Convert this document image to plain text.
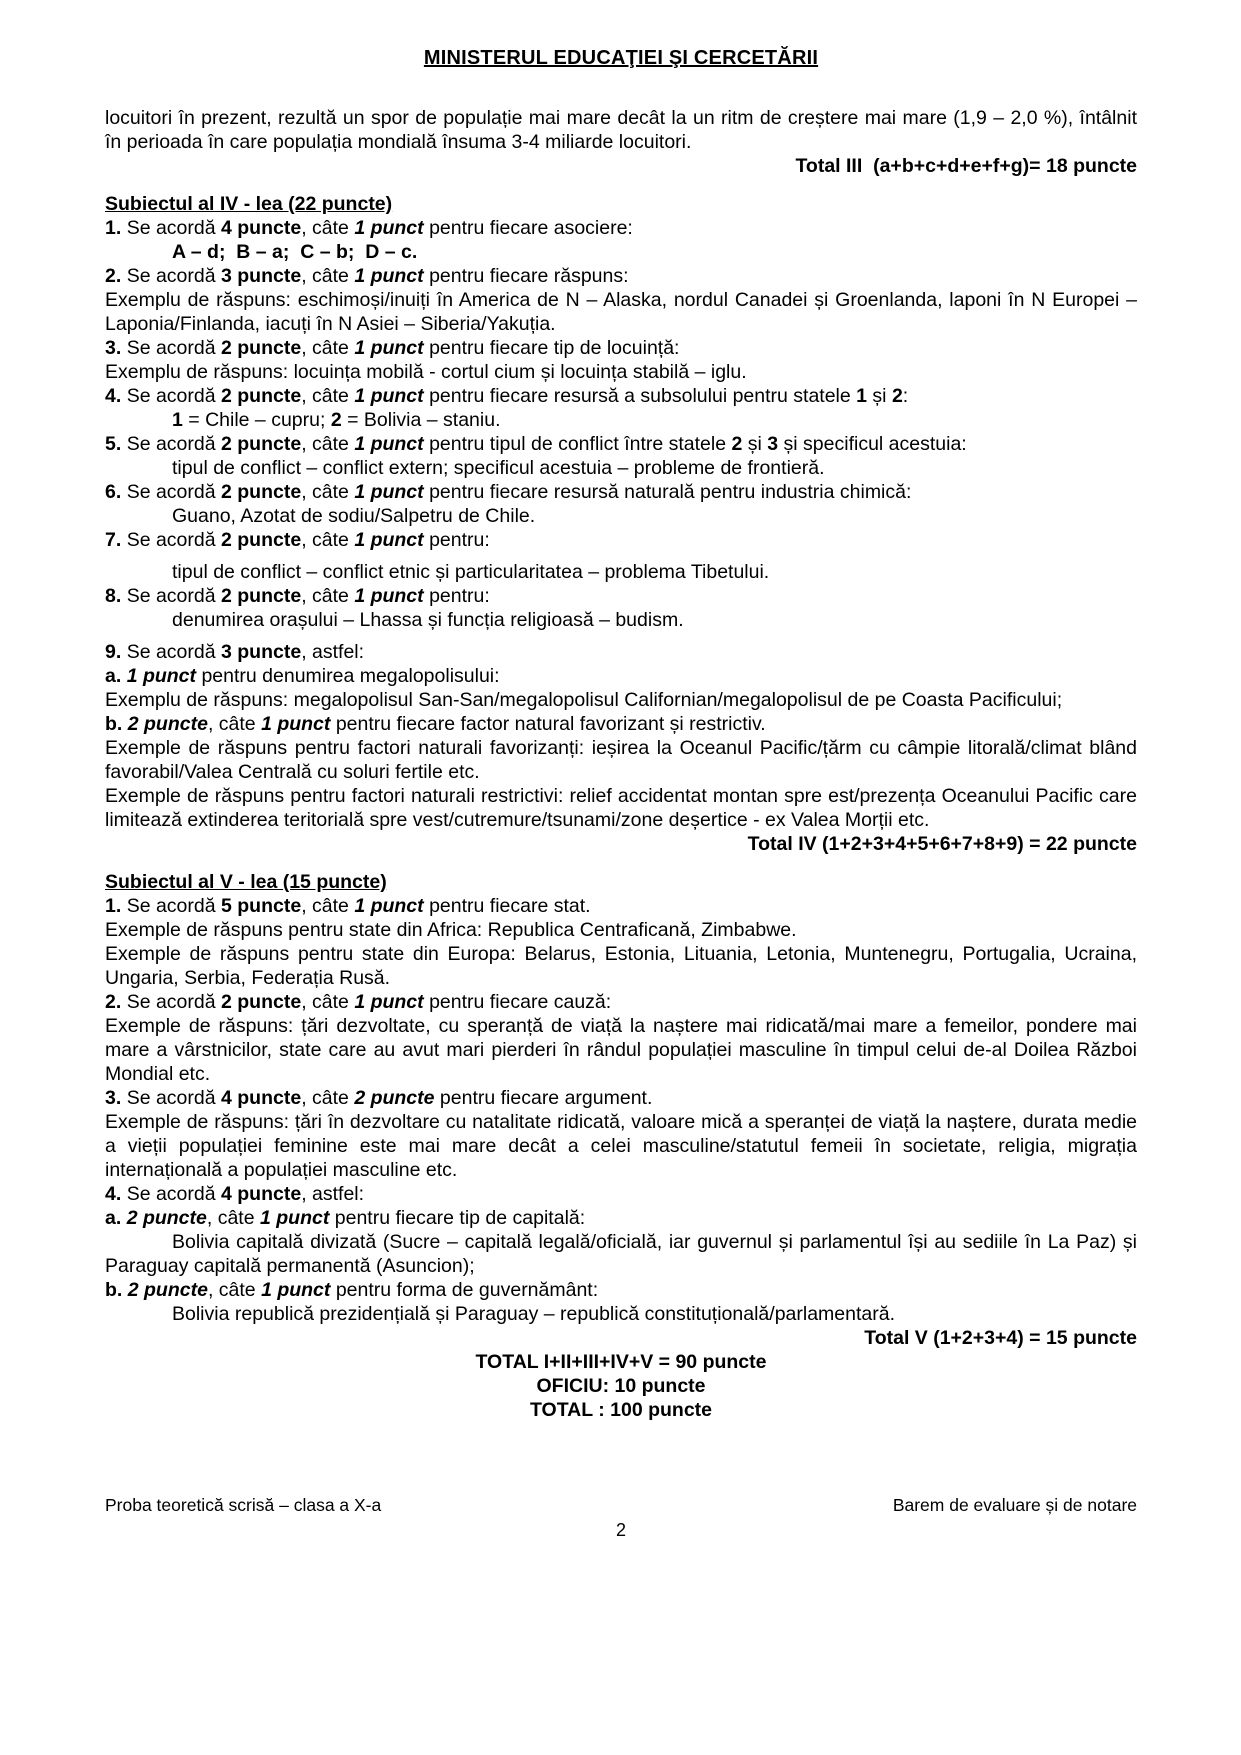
MINISTERUL EDUCAŢIEI ŞI CERCETĂRII

locuitori în prezent, rezultă un spor de populație mai mare decât la un ritm de creștere mai mare (1,9 – 2,0 %), întâlnit în perioada în care populația mondială însuma 3-4 miliarde locuitori.

Total III  (a+b+c+d+e+f+g)= 18 puncte

Subiectul al IV - lea (22 puncte)

1. Se acordă 4 puncte, câte 1 punct pentru fiecare asociere:

A – d;  B – a;  C – b;  D – c.

2. Se acordă 3 puncte, câte 1 punct pentru fiecare răspuns:

Exemplu de răspuns: eschimoși/inuiți în America de N – Alaska, nordul Canadei și Groenlanda, laponi în N Europei – Laponia/Finlanda, iacuți în N Asiei – Siberia/Yakuția.

3. Se acordă 2 puncte, câte 1 punct pentru fiecare tip de locuință:

Exemplu de răspuns: locuința mobilă - cortul cium și locuința stabilă – iglu.

4. Se acordă 2 puncte, câte 1 punct pentru fiecare resursă a subsolului pentru statele 1 și 2:

1 = Chile – cupru; 2 = Bolivia – staniu.

5. Se acordă 2 puncte, câte 1 punct pentru tipul de conflict între statele 2 și 3 și specificul acestuia:

tipul de conflict – conflict extern; specificul acestuia – probleme de frontieră.

6. Se acordă 2 puncte, câte 1 punct pentru fiecare resursă naturală pentru industria chimică:

Guano, Azotat de sodiu/Salpetru de Chile.

7. Se acordă 2 puncte, câte 1 punct pentru:

tipul de conflict – conflict etnic și particularitatea – problema Tibetului.

8. Se acordă 2 puncte, câte 1 punct pentru:

denumirea orașului – Lhassa și funcția religioasă – budism.

9. Se acordă 3 puncte, astfel:

a. 1 punct pentru denumirea megalopolisului:

Exemplu de răspuns: megalopolisul San-San/megalopolisul Californian/megalopolisul de pe Coasta Pacificului;

b. 2 puncte, câte 1 punct pentru fiecare factor natural favorizant și restrictiv.

Exemple de răspuns pentru factori naturali favorizanți: ieșirea la Oceanul Pacific/țărm cu câmpie litorală/climat blând favorabil/Valea Centrală cu soluri fertile etc.

Exemple de răspuns pentru factori naturali restrictivi: relief accidentat montan spre est/prezența Oceanului Pacific care limitează extinderea teritorială spre vest/cutremure/tsunami/zone deșertice - ex Valea Morții etc.

Total IV (1+2+3+4+5+6+7+8+9) = 22 puncte

Subiectul al V - lea (15 puncte)

1. Se acordă 5 puncte, câte 1 punct pentru fiecare stat.

Exemple de răspuns pentru state din Africa: Republica Centraficană, Zimbabwe.

Exemple de răspuns pentru state din Europa: Belarus, Estonia, Lituania, Letonia, Muntenegru, Portugalia, Ucraina, Ungaria, Serbia, Federația Rusă.

2. Se acordă 2 puncte, câte 1 punct pentru fiecare cauză:

Exemple de răspuns: țări dezvoltate, cu speranță de viață la naștere mai ridicată/mai mare a femeilor, pondere mai mare a vârstnicilor, state care au avut mari pierderi în rândul populației masculine în timpul celui de-al Doilea Război Mondial etc.

3. Se acordă 4 puncte, câte 2 puncte pentru fiecare argument.

Exemple de răspuns: țări în dezvoltare cu natalitate ridicată, valoare mică a speranței de viață la naștere, durata medie a vieții populației feminine este mai mare decât a celei masculine/statutul femeii în societate, religia, migrația internațională a populației masculine etc.

4. Se acordă 4 puncte, astfel:

a. 2 puncte, câte 1 punct pentru fiecare tip de capitală:

Bolivia capitală divizată (Sucre – capitală legală/oficială, iar guvernul și parlamentul își au sediile în La Paz) și Paraguay capitală permanentă (Asuncion);

b. 2 puncte, câte 1 punct pentru forma de guvernământ:

Bolivia republică prezidențială și Paraguay – republică constituțională/parlamentară.

Total V (1+2+3+4) = 15 puncte

TOTAL I+II+III+IV+V = 90 puncte

OFICIU: 10 puncte

TOTAL : 100 puncte

Proba teoretică scrisă – clasa a X-a	Barem de evaluare și de notare
2
